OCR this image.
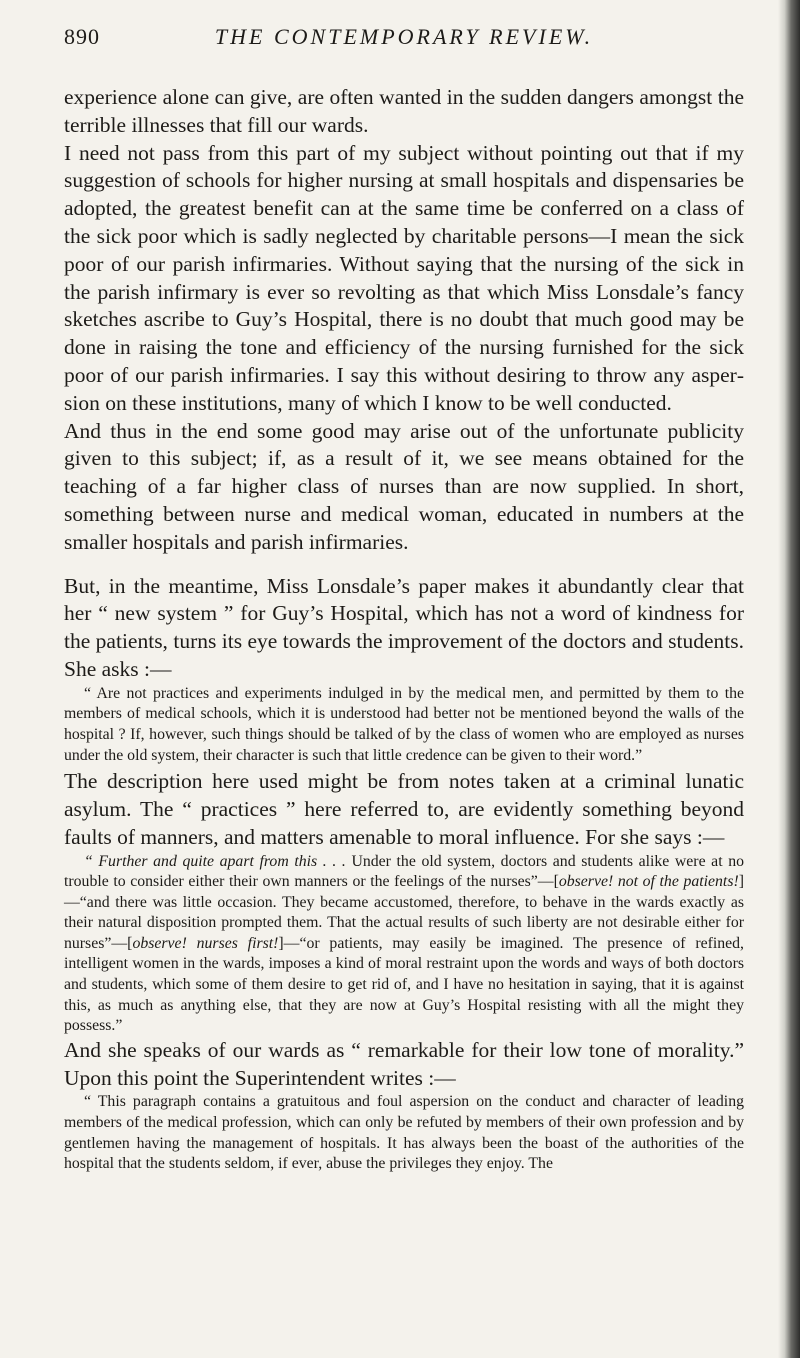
890	THE CONTEMPORARY REVIEW.

experience alone can give, are often wanted in the sudden dangers amongst the terrible illnesses that fill our wards.

I need not pass from this part of my subject without pointing out that if my suggestion of schools for higher nursing at small hospitals and dispensaries be adopted, the greatest benefit can at the same time be conferred on a class of the sick poor which is sadly neglected by charitable persons—I mean the sick poor of our parish infirmaries. Without saying that the nursing of the sick in the parish infirmary is ever so revolting as that which Miss Lonsdale’s fancy sketches ascribe to Guy’s Hospital, there is no doubt that much good may be done in raising the tone and efficiency of the nursing furnished for the sick poor of our parish infirmaries. I say this without desiring to throw any aspersion on these institutions, many of which I know to be well conducted.

And thus in the end some good may arise out of the unfortunate publicity given to this subject; if, as a result of it, we see means obtained for the teaching of a far higher class of nurses than are now supplied. In short, something between nurse and medical woman, educated in numbers at the smaller hospitals and parish infirmaries.

But, in the meantime, Miss Lonsdale’s paper makes it abundantly clear that her “ new system ” for Guy’s Hospital, which has not a word of kindness for the patients, turns its eye towards the improvement of the doctors and students. She asks :—

“ Are not practices and experiments indulged in by the medical men, and permitted by them to the members of medical schools, which it is understood had better not be mentioned beyond the walls of the hospital ? If, however, such things should be talked of by the class of women who are employed as nurses under the old system, their character is such that little credence can be given to their word.”

The description here used might be from notes taken at a criminal lunatic asylum. The “ practices ” here referred to, are evidently something beyond faults of manners, and matters amenable to moral influence. For she says :—

“ Further and quite apart from this . . . Under the old system, doctors and students alike were at no trouble to consider either their own manners or the feelings of the nurses”—[observe! not of the patients!]—“and there was little occasion. They became accustomed, therefore, to behave in the wards exactly as their natural disposition prompted them. That the actual results of such liberty are not desirable either for nurses”—[observe! nurses first!]—“or patients, may easily be imagined. The presence of refined, intelligent women in the wards, imposes a kind of moral restraint upon the words and ways of both doctors and students, which some of them desire to get rid of, and I have no hesitation in saying, that it is against this, as much as anything else, that they are now at Guy’s Hospital resisting with all the might they possess.”

And she speaks of our wards as “ remarkable for their low tone of morality.” Upon this point the Superintendent writes :—

“ This paragraph contains a gratuitous and foul aspersion on the conduct and character of leading members of the medical profession, which can only be refuted by members of their own profession and by gentlemen having the management of hospitals. It has always been the boast of the authorities of the hospital that the students seldom, if ever, abuse the privileges they enjoy. The
